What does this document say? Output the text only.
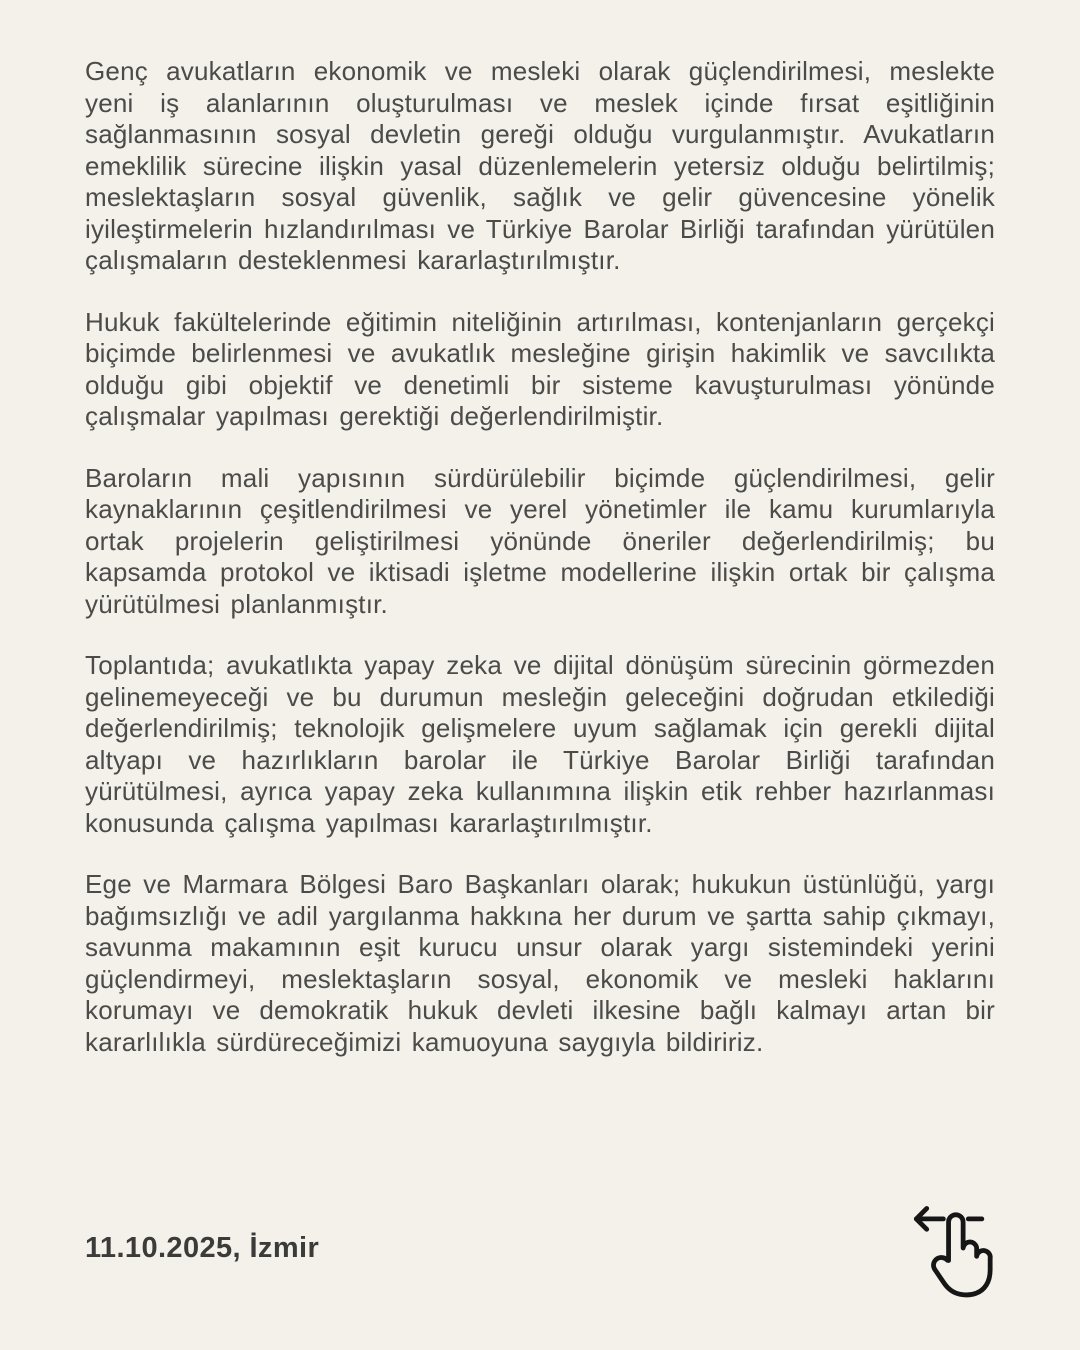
Genç avukatların ekonomik ve mesleki olarak güçlendirilmesi, meslekte yeni iş alanlarının oluşturulması ve meslek içinde fırsat eşitliğinin sağlanmasının sosyal devletin gereği olduğu vurgulanmıştır. Avukatların emeklilik sürecine ilişkin yasal düzenlemelerin yetersiz olduğu belirtilmiş; meslektaşların sosyal güvenlik, sağlık ve gelir güvencesine yönelik iyileştirmelerin hızlandırılması ve Türkiye Barolar Birliği tarafından yürütülen çalışmaların desteklenmesi kararlaştırılmıştır.

Hukuk fakültelerinde eğitimin niteliğinin artırılması, kontenjanların gerçekçi biçimde belirlenmesi ve avukatlık mesleğine girişin hakimlik ve savcılıkta olduğu gibi objektif ve denetimli bir sisteme kavuşturulması yönünde çalışmalar yapılması gerektiği değerlendirilmiştir.

Baroların mali yapısının sürdürülebilir biçimde güçlendirilmesi, gelir kaynaklarının çeşitlendirilmesi ve yerel yönetimler ile kamu kurumlarıyla ortak projelerin geliştirilmesi yönünde öneriler değerlendirilmiş; bu kapsamda protokol ve iktisadi işletme modellerine ilişkin ortak bir çalışma yürütülmesi planlanmıştır.

Toplantıda; avukatlıkta yapay zeka ve dijital dönüşüm sürecinin görmezden gelinemeyeceği ve bu durumun mesleğin geleceğini doğrudan etkilediği değerlendirilmiş; teknolojik gelişmelere uyum sağlamak için gerekli dijital altyapı ve hazırlıkların barolar ile Türkiye Barolar Birliği tarafından yürütülmesi, ayrıca yapay zeka kullanımına ilişkin etik rehber hazırlanması konusunda çalışma yapılması kararlaştırılmıştır.

Ege ve Marmara Bölgesi Baro Başkanları olarak; hukukun üstünlüğü, yargı bağımsızlığı ve adil yargılanma hakkına her durum ve şartta sahip çıkmayı, savunma makamının eşit kurucu unsur olarak yargı sistemindeki yerini güçlendirmeyi, meslektaşların sosyal, ekonomik ve mesleki haklarını korumayı ve demokratik hukuk devleti ilkesine bağlı kalmayı artan bir kararlılıkla sürdüreceğimizi kamuoyuna saygıyla bildiririz.

11.10.2025, İzmir
